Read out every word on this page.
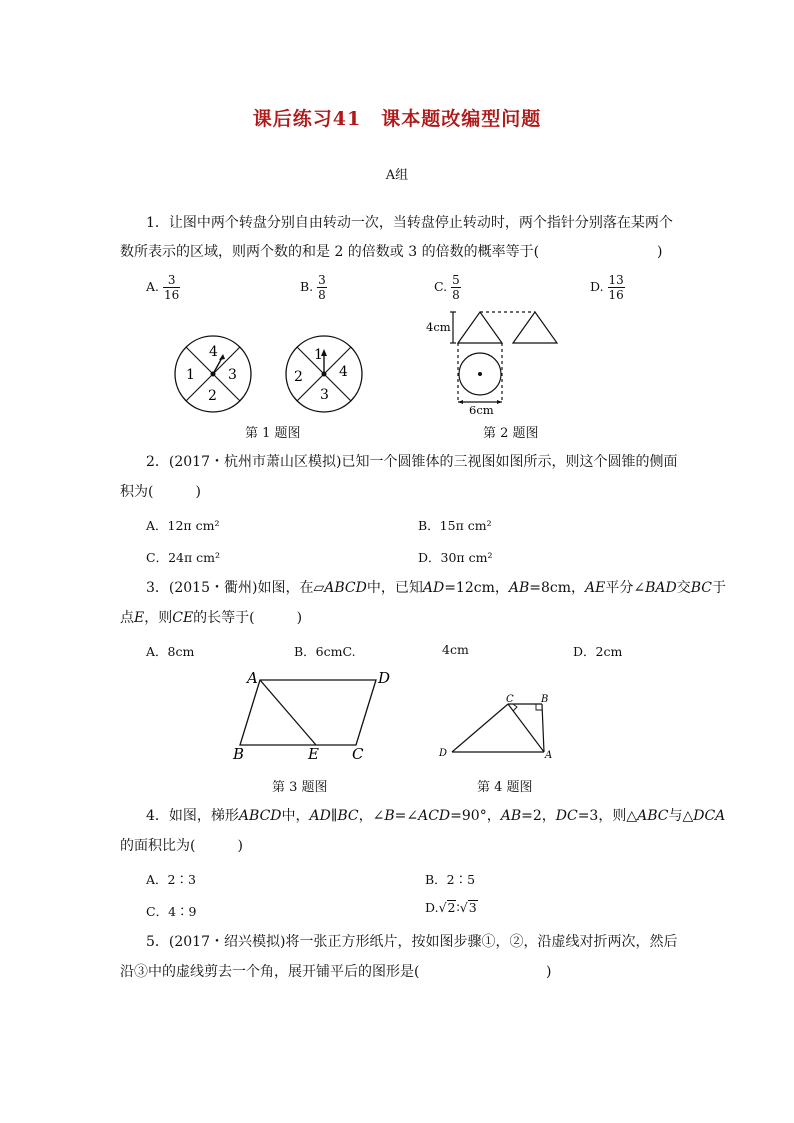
课后练习41　课本题改编型问题
A组
1．让图中两个转盘分别自由转动一次，当转盘停止转动时，两个指针分别落在某两个
数所表示的区域，则两个数的和是 2 的倍数或 3 的倍数的概率等于(	)
A. $\frac{3}{16}$	B. $\frac{3}{8}$	C. $\frac{5}{8}$	D. $\frac{13}{16}$
4
3
2
1
1
4
3
2
第 1 题图
4cm
6cm
第 2 题图
2．(2017・杭州市萧山区模拟)已知一个圆锥体的三视图如图所示，则这个圆锥的侧面
积为(　　　)
A．12π cm²	B．15π cm²
C．24π cm²	D．30π cm²
3．(2015・衢州)如图，在▱ABCD中，已知AD=12cm，AB=8cm，AE平分∠BAD交BC于
点E，则CE的长等于(　　　)
A．8cm	B．6cmC.	4cm	D．2cm
A	D
B	E C
第 3 题图
C	B
D	A
第 4 题图
4．如图，梯形ABCD中，AD∥BC，∠B=∠ACD=90°，AB=2，DC=3，则△ABC与△DCA
的面积比为(　　　)
A．2∶3	B．2∶5
C．4∶9	D.√2∶√3
5．(2017・绍兴模拟)将一张正方形纸片，按如图步骤①，②，沿虚线对折两次，然后
沿③中的虚线剪去一个角，展开铺平后的图形是(	)
